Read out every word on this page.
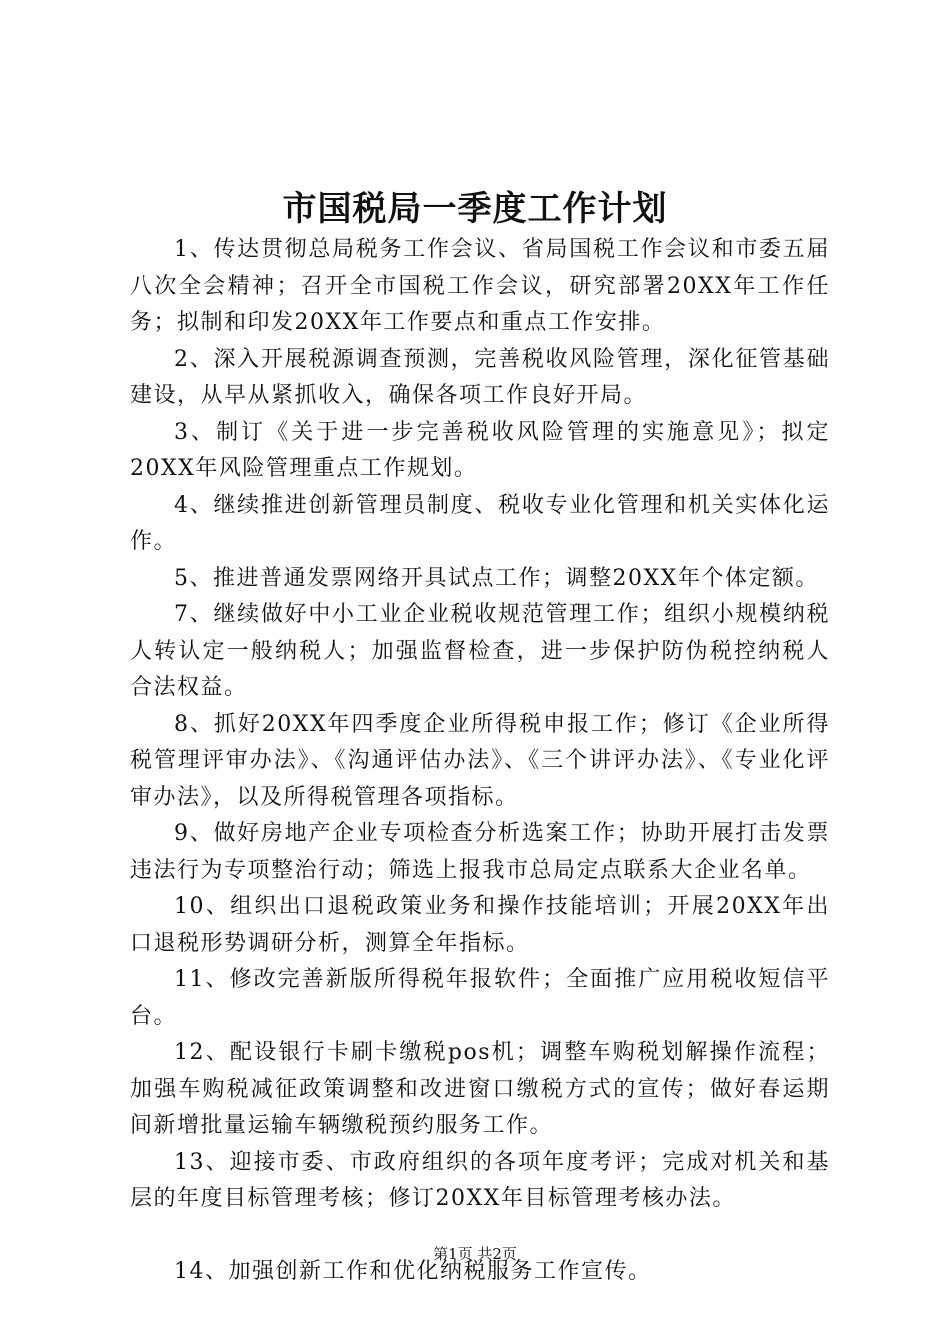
市国税局一季度工作计划

1、传达贯彻总局税务工作会议、省局国税工作会议和市委五届八次全会精神；召开全市国税工作会议，研究部署20XX年工作任务；拟制和印发20XX年工作要点和重点工作安排。

2、深入开展税源调查预测，完善税收风险管理，深化征管基础建设，从早从紧抓收入，确保各项工作良好开局。

3、制订《关于进一步完善税收风险管理的实施意见》；拟定20XX年风险管理重点工作规划。

4、继续推进创新管理员制度、税收专业化管理和机关实体化运作。

5、推进普通发票网络开具试点工作；调整20XX年个体定额。

7、继续做好中小工业企业税收规范管理工作；组织小规模纳税人转认定一般纳税人；加强监督检查，进一步保护防伪税控纳税人合法权益。

8、抓好20XX年四季度企业所得税申报工作；修订《企业所得税管理评审办法》、《沟通评估办法》、《三个讲评办法》、《专业化评审办法》，以及所得税管理各项指标。

9、做好房地产企业专项检查分析选案工作；协助开展打击发票违法行为专项整治行动；筛选上报我市总局定点联系大企业名单。

10、组织出口退税政策业务和操作技能培训；开展20XX年出口退税形势调研分析，测算全年指标。

11、修改完善新版所得税年报软件；全面推广应用税收短信平台。

12、配设银行卡刷卡缴税pos机；调整车购税划解操作流程；加强车购税减征政策调整和改进窗口缴税方式的宣传；做好春运期间新增批量运输车辆缴税预约服务工作。

13、迎接市委、市政府组织的各项年度考评；完成对机关和基层的年度目标管理考核；修订20XX年目标管理考核办法。

14、加强创新工作和优化纳税服务工作宣传。

第1页 共2页
